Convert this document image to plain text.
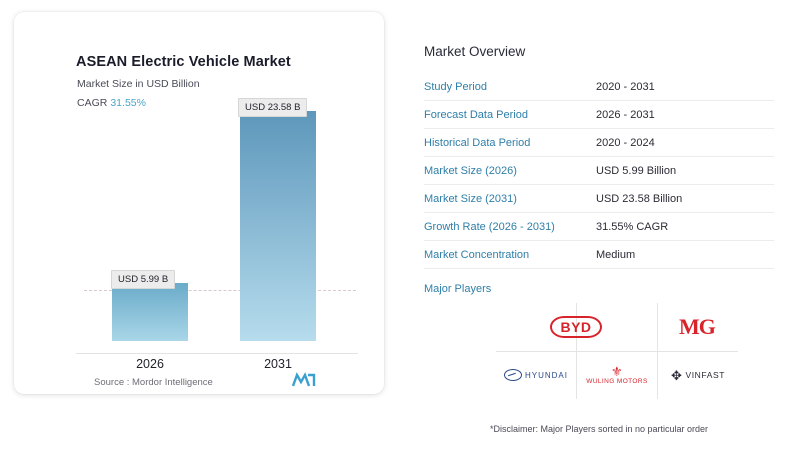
ASEAN Electric Vehicle Market
Market Size in USD Billion
CAGR 31.55%
USD 5.99 B
USD 23.58 B
2026	2031
Source : Mordor Intelligence
Market Overview
Study Period	2020 - 2031
Forecast Data Period	2026 - 2031
Historical Data Period	2020 - 2024
Market Size (2026)	USD 5.99 Billion
Market Size (2031)	USD 23.58 Billion
Growth Rate (2026 - 2031)	31.55% CAGR
Market Concentration	Medium
Major Players
BYD	MG
HYUNDAI	⚜
WULING MOTORS ✥ VINFAST
*Disclaimer: Major Players sorted in no particular order
